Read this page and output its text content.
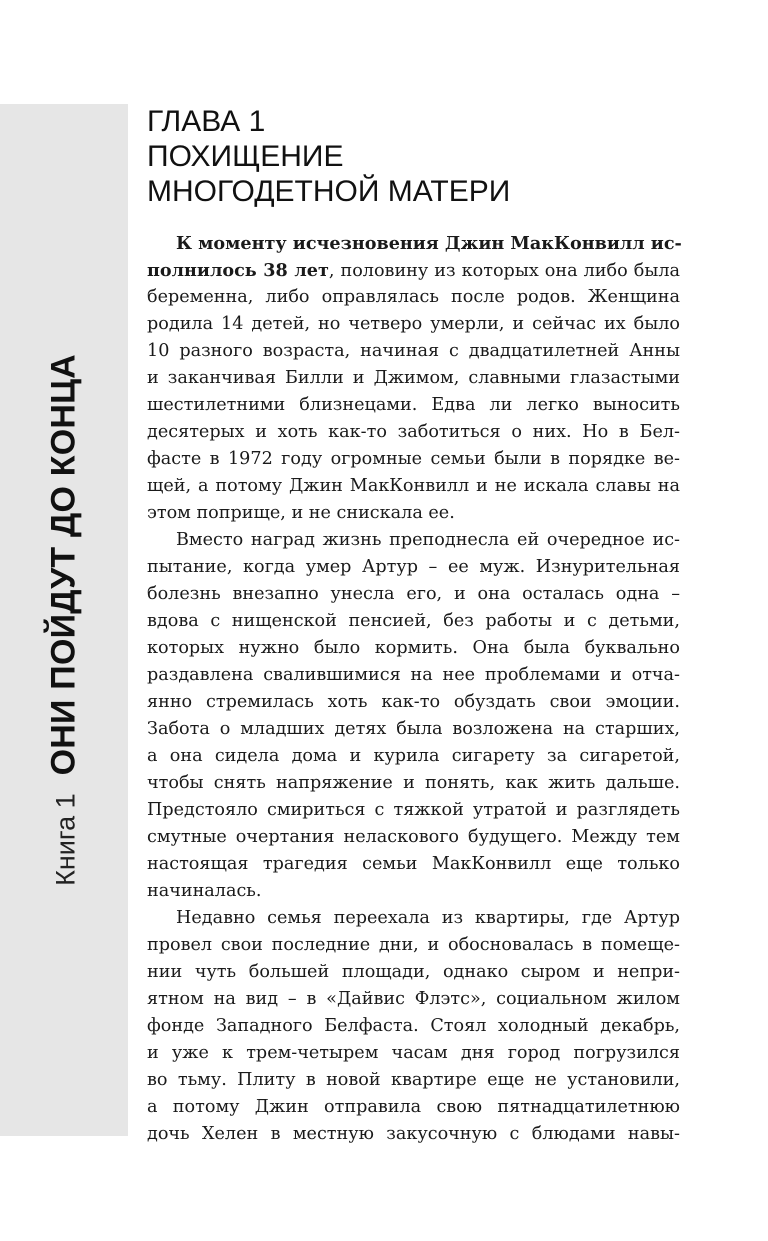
Книга 1
ОНИ ПОЙДУТ ДО КОНЦА
ГЛАВА 1
ПОХИЩЕНИЕ
МНОГОДЕТНОЙ МАТЕРИ
К моменту исчезновения Джин МакКонвилл ис-
полнилось 38 лет, половину из которых она либо была
беременна, либо оправлялась после родов. Женщина
родила 14 детей, но четверо умерли, и сейчас их было
10 разного возраста, начиная с двадцатилетней Анны
и заканчивая Билли и Джимом, славными глазастыми
шестилетними близнецами. Едва ли легко выносить
десятерых и хоть как-то заботиться о них. Но в Бел-
фасте в 1972 году огромные семьи были в порядке ве-
щей, а потому Джин МакКонвилл и не искала славы на
этом поприще, и не снискала ее.
Вместо наград жизнь преподнесла ей очередное ис-
пытание, когда умер Артур – ее муж. Изнурительная
болезнь внезапно унесла его, и она осталась одна –
вдова с нищенской пенсией, без работы и с детьми,
которых нужно было кормить. Она была буквально
раздавлена свалившимися на нее проблемами и отча-
янно стремилась хоть как-то обуздать свои эмоции.
Забота о младших детях была возложена на старших,
а она сидела дома и курила сигарету за сигаретой,
чтобы снять напряжение и понять, как жить дальше.
Предстояло смириться с тяжкой утратой и разглядеть
смутные очертания неласкового будущего. Между тем
настоящая трагедия семьи МакКонвилл еще только
начиналась.
Недавно семья переехала из квартиры, где Артур
провел свои последние дни, и обосновалась в помеще-
нии чуть большей площади, однако сыром и непри-
ятном на вид – в «Дайвис Флэтс», социальном жилом
фонде Западного Белфаста. Стоял холодный декабрь,
и уже к трем-четырем часам дня город погрузился
во тьму. Плиту в новой квартире еще не установили,
а потому Джин отправила свою пятнадцатилетнюю
дочь Хелен в местную закусочную с блюдами навы-
